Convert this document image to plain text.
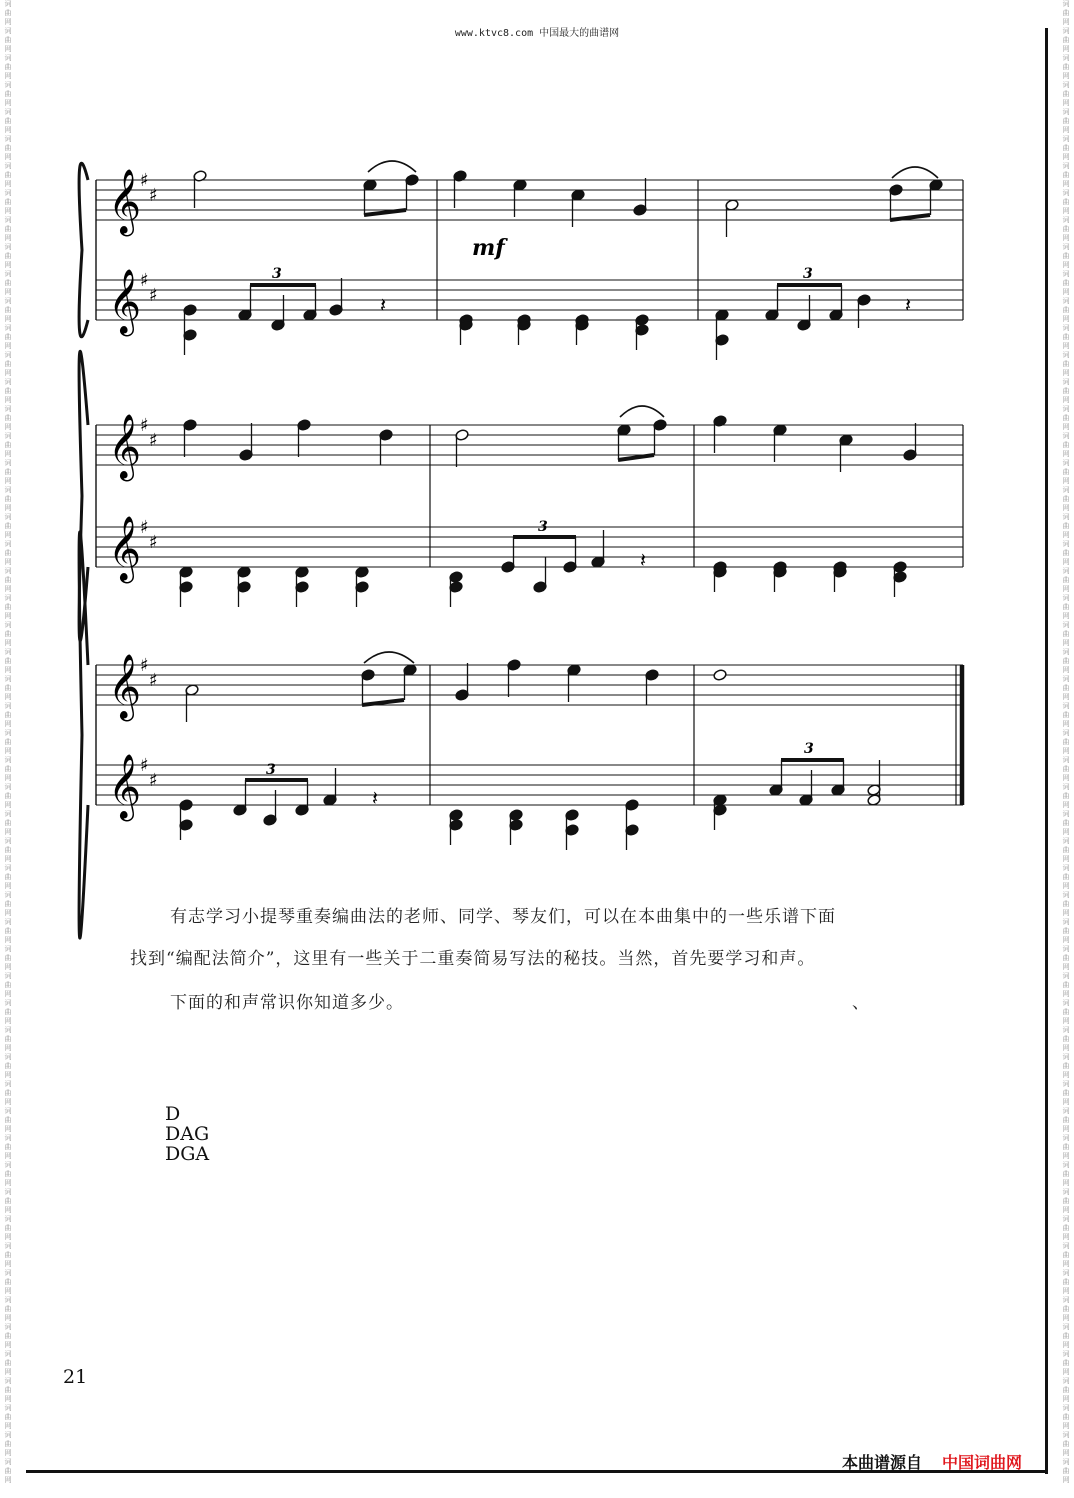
www.ktvc8.com 中国最大的曲谱网
词曲网词曲网词曲网词曲网词曲网词曲网词曲网词曲网词曲网词曲网词曲网词曲网词曲网词曲网词曲网词曲网词曲网词曲网词曲网词曲网词曲网词曲网词曲网词曲网词曲网词曲网词曲网词曲网词曲网词曲网词曲网词曲网词曲网词曲网词曲网词曲网词曲网词曲网词曲网词曲网词曲网词曲网词曲网词曲网词曲网词曲网词曲网词曲网词曲网词曲网词曲网词曲网词曲网词曲网词曲网
词曲网词曲网词曲网词曲网词曲网词曲网词曲网词曲网词曲网词曲网词曲网词曲网词曲网词曲网词曲网词曲网词曲网词曲网词曲网词曲网词曲网词曲网词曲网词曲网词曲网词曲网词曲网词曲网词曲网词曲网词曲网词曲网词曲网词曲网词曲网词曲网词曲网词曲网词曲网词曲网词曲网词曲网词曲网词曲网词曲网词曲网词曲网词曲网词曲网词曲网词曲网词曲网词曲网词曲网词曲网
𝄞
𝄞
♯
♯
♯
♯
𝄞
𝄞
♯
♯
♯
♯
𝄞
𝄞
♯
♯
♯
♯
mf
3
𝄽
3
𝄽
3
𝄽
3
𝄽
3
有志学习小提琴重奏编曲法的老师、同学、琴友们，可以在本曲集中的一些乐谱下面
找到“编配法简介”，这里有一些关于二重奏简易写法的秘技。当然，首先要学习和声。
下面的和声常识你知道多少。	、
D
DAG
DGA
21
本曲谱源自 中国词曲网
